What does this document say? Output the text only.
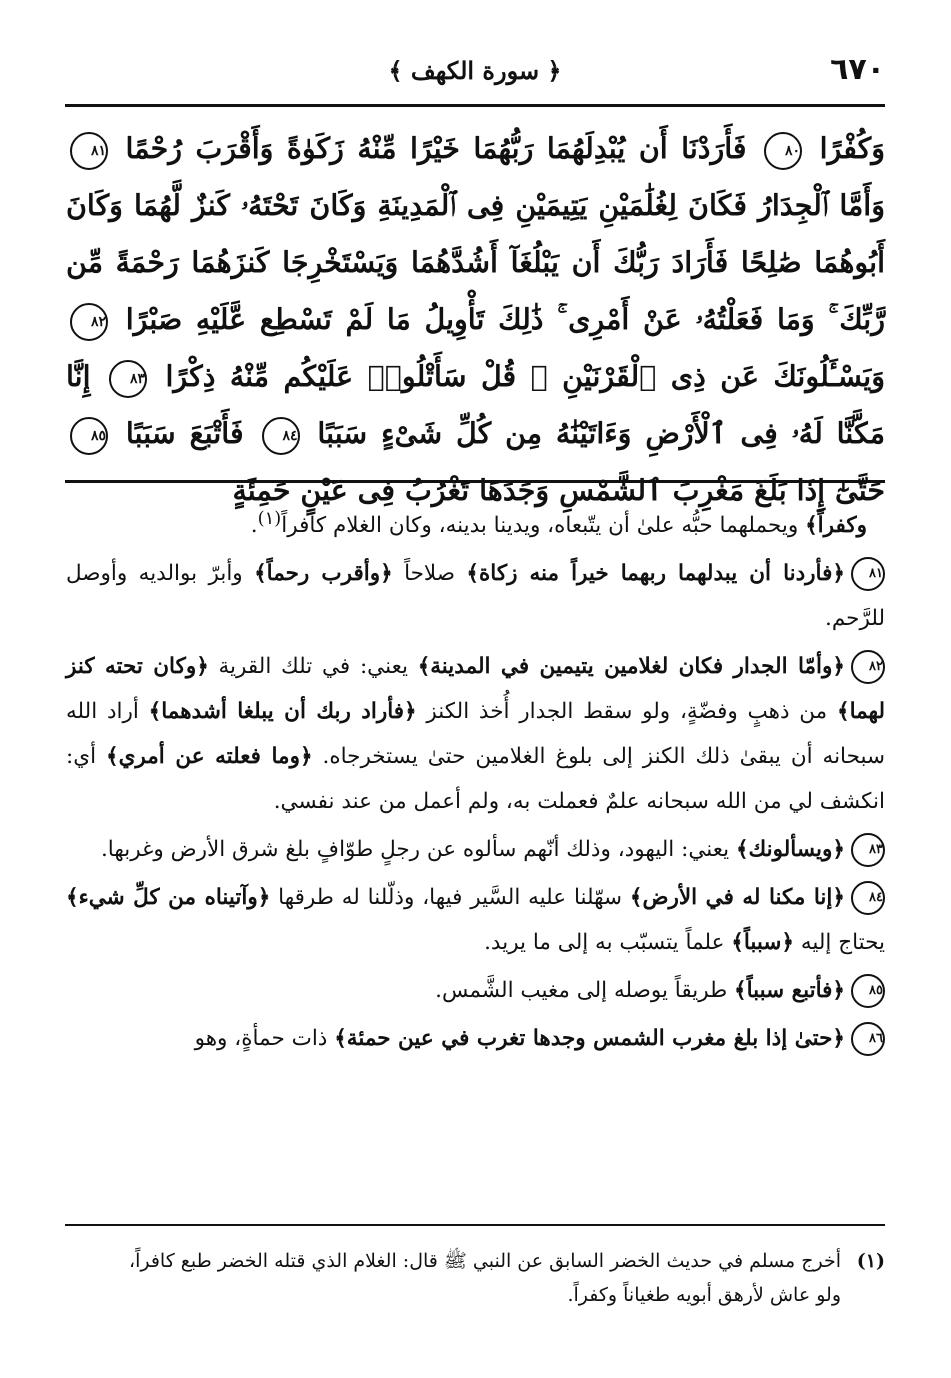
٦٧٠
﴿ سورة الكهف ﴾
وَكُفْرًا ٨٠ فَأَرَدْنَا أَن يُبْدِلَهُمَا رَبُّهُمَا خَيْرًا مِّنْهُ زَكَوٰةً وَأَقْرَبَ رُحْمًا ٨١ وَأَمَّا ٱلْجِدَارُ فَكَانَ لِغُلَٰمَيْنِ يَتِيمَيْنِ فِى ٱلْمَدِينَةِ وَكَانَ تَحْتَهُۥ كَنزٌ لَّهُمَا وَكَانَ أَبُوهُمَا صَٰلِحًا فَأَرَادَ رَبُّكَ أَن يَبْلُغَآ أَشُدَّهُمَا وَيَسْتَخْرِجَا كَنزَهُمَا رَحْمَةً مِّن رَّبِّكَ ۚ وَمَا فَعَلْتُهُۥ عَنْ أَمْرِى ۚ ذَٰلِكَ تَأْوِيلُ مَا لَمْ تَسْطِع عَّلَيْهِ صَبْرًا ٨٢ وَيَسْـَٔلُونَكَ عَن ذِى ٱلْقَرْنَيْنِ ۖ قُلْ سَأَتْلُوا۟ عَلَيْكُم مِّنْهُ ذِكْرًا ٨٣ إِنَّا مَكَّنَّا لَهُۥ فِى ٱلْأَرْضِ وَءَاتَيْنَٰهُ مِن كُلِّ شَىْءٍ سَبَبًا ٨٤ فَأَتْبَعَ سَبَبًا ٨٥ حَتَّىٰٓ إِذَا بَلَغَ مَغْرِبَ ٱلشَّمْسِ وَجَدَهَا تَغْرُبُ فِى عَيْنٍ حَمِئَةٍ

وكفراً﴾ ويحملهما حبُّه علىٰ أن يتّبعاه، ويدينا بدينه، وكان الغلام كافراً$^{(١)}$.

٨١﴿فأردنا أن يبدلهما ربهما خيراً منه زكاة﴾ صلاحاً ﴿وأقرب رحماً﴾ وأبرّ بوالديه وأوصل للرَّحم.

٨٢﴿وأمّا الجدار فكان لغلامين يتيمين في المدينة﴾ يعني: في تلك القرية ﴿وكان تحته كنز لهما﴾ من ذهبٍ وفضّةٍ، ولو سقط الجدار أُخذ الكنز ﴿فأراد ربك أن يبلغا أشدهما﴾ أراد الله سبحانه أن يبقىٰ ذلك الكنز إلى بلوغ الغلامين حتىٰ يستخرجاه. ﴿وما فعلته عن أمري﴾ أي: انكشف لي من الله سبحانه علمٌ فعملت به، ولم أعمل من عند نفسي.

٨٣﴿ويسألونك﴾ يعني: اليهود، وذلك أنّهم سألوه عن رجلٍ طوّافٍ بلغ شرق الأرض وغربها.

٨٤﴿إنا مكنا له في الأرض﴾ سهّلنا عليه السَّير فيها، وذلّلنا له طرقها ﴿وآتيناه من كلِّ شيء﴾ يحتاج إليه ﴿سبباً﴾ علماً يتسبّب به إلى ما يريد.

٨٥﴿فأتبع سبباً﴾ طريقاً يوصله إلى مغيب الشَّمس.

٨٦﴿حتىٰ إذا بلغ مغرب الشمس وجدها تغرب في عين حمئة﴾ ذات حمأةٍ، وهو

(١)أخرج مسلم في حديث الخضر السابق عن النبي ﷺ قال: الغلام الذي قتله الخضر طبع كافراً،
ولو عاش لأرهق أبويه طغياناً وكفراً.
